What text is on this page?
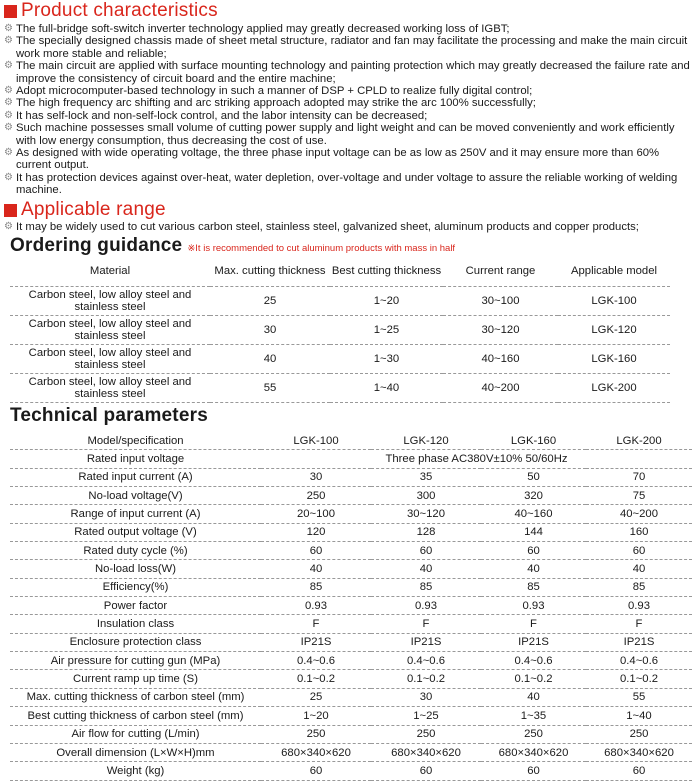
Product characteristics
⚙ The full-bridge soft-switch inverter technology applied may greatly decreased working loss of IGBT;
⚙ The specially designed chassis made of sheet metal structure, radiator and fan may facilitate the processing and make the main circuit work more stable and reliable;
⚙ The main circuit are applied with surface mounting technology and painting protection which may greatly decreased the failure rate and improve the consistency of circuit board and the entire machine;
⚙ Adopt microcomputer-based technology in such a manner of DSP + CPLD to realize fully digital control;
⚙ The high frequency arc shifting and arc striking approach adopted may strike the arc 100% successfully;
⚙ It has self-lock and non-self-lock control, and the labor intensity can be decreased;
⚙ Such machine possesses small volume of cutting power supply and light weight and can be moved conveniently and work efficiently with low energy consumption, thus decreasing the cost of use.
⚙ As designed with wide operating voltage, the three phase input voltage can be as low as 250V and it may ensure more than 60% current output.
⚙ It has protection devices against over-heat, water depletion, over-voltage and under voltage to assure the reliable working of welding machine.
Applicable range
⚙ It may be widely used to cut various carbon steel, stainless steel, galvanized sheet, aluminum products and copper products;
Ordering guidance ※It is recommended to cut aluminum products with mass in half
Material	Max. cutting thickness	Best cutting thickness	Current range	Applicable model
Carbon steel, low alloy steel and stainless steel	25	1~20	30~100	LGK-100
Carbon steel, low alloy steel and stainless steel	30	1~25	30~120	LGK-120
Carbon steel, low alloy steel and stainless steel	40	1~30	40~160	LGK-160
Carbon steel, low alloy steel and stainless steel	55	1~40	40~200	LGK-200
Technical parameters
Model/specification	LGK-100	LGK-120	LGK-160	LGK-200
Rated input voltage	Three phase AC380V±10% 50/60Hz			
Rated input current (A)	30	35	50	70
No-load voltage(V)	250	300	320	75
Range of input current (A)	20~100	30~120	40~160	40~200
Rated output voltage (V)	120	128	144	160
Rated duty cycle (%)	60	60	60	60
No-load loss(W)	40	40	40	40
Efficiency(%)	85	85	85	85
Power factor	0.93	0.93	0.93	0.93
Insulation class	F	F	F	F
Enclosure protection class	IP21S	IP21S	IP21S	IP21S
Air pressure for cutting gun (MPa)	0.4~0.6	0.4~0.6	0.4~0.6	0.4~0.6
Current ramp up time (S)	0.1~0.2	0.1~0.2	0.1~0.2	0.1~0.2
Max. cutting thickness of carbon steel (mm)	25	30	40	55
Best cutting thickness of carbon steel (mm)	1~20	1~25	1~35	1~40
Air flow for cutting (L/min)	250	250	250	250
Overall dimension (L×W×H)mm	680×340×620	680×340×620	680×340×620	680×340×620
Weight (kg)	60	60	60	60
